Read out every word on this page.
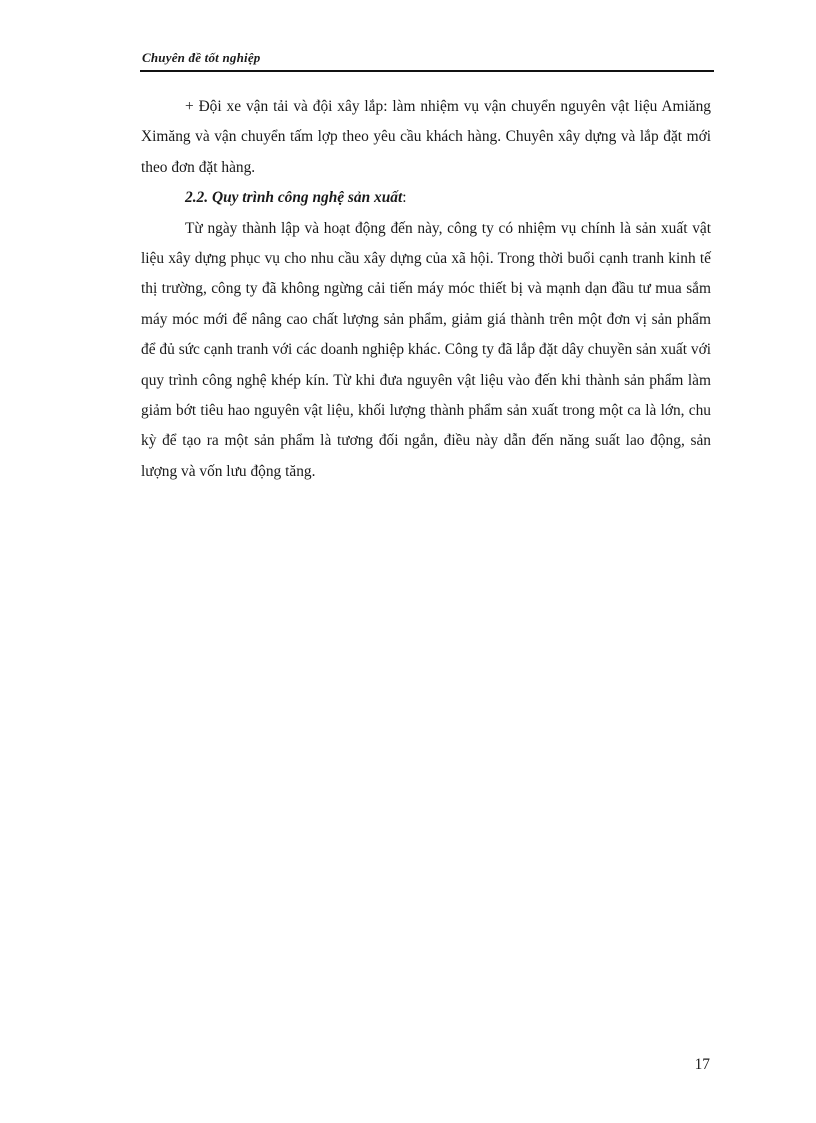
Chuyên đề tốt nghiệp

+ Đội xe vận tải và đội xây lắp: làm nhiệm vụ vận chuyển nguyên vật liệu Amiăng Ximăng và vận chuyển tấm lợp theo yêu cầu khách hàng. Chuyên xây dựng và lắp đặt mới theo đơn đặt hàng.

2.2. Quy trình công nghệ sản xuất:

Từ ngày thành lập và hoạt động đến này, công ty có nhiệm vụ chính là sản xuất vật liệu xây dựng phục vụ cho nhu cầu xây dựng của xã hội. Trong thời buổi cạnh tranh kinh tế thị trường, công ty đã không ngừng cải tiến máy móc thiết bị và mạnh dạn đầu tư mua sắm máy móc mới để nâng cao chất lượng sản phẩm, giảm giá thành trên một đơn vị sản phẩm để đủ sức cạnh tranh với các doanh nghiệp khác. Công ty đã lắp đặt dây chuyền sản xuất với quy trình công nghệ khép kín. Từ khi đưa nguyên vật liệu vào đến khi thành sản phẩm làm giảm bớt tiêu hao nguyên vật liệu, khối lượng thành phẩm sản xuất trong một ca là lớn, chu kỳ để tạo ra một sản phẩm là tương đối ngắn, điều này dẫn đến năng suất lao động, sản lượng và vốn lưu động tăng.

17
